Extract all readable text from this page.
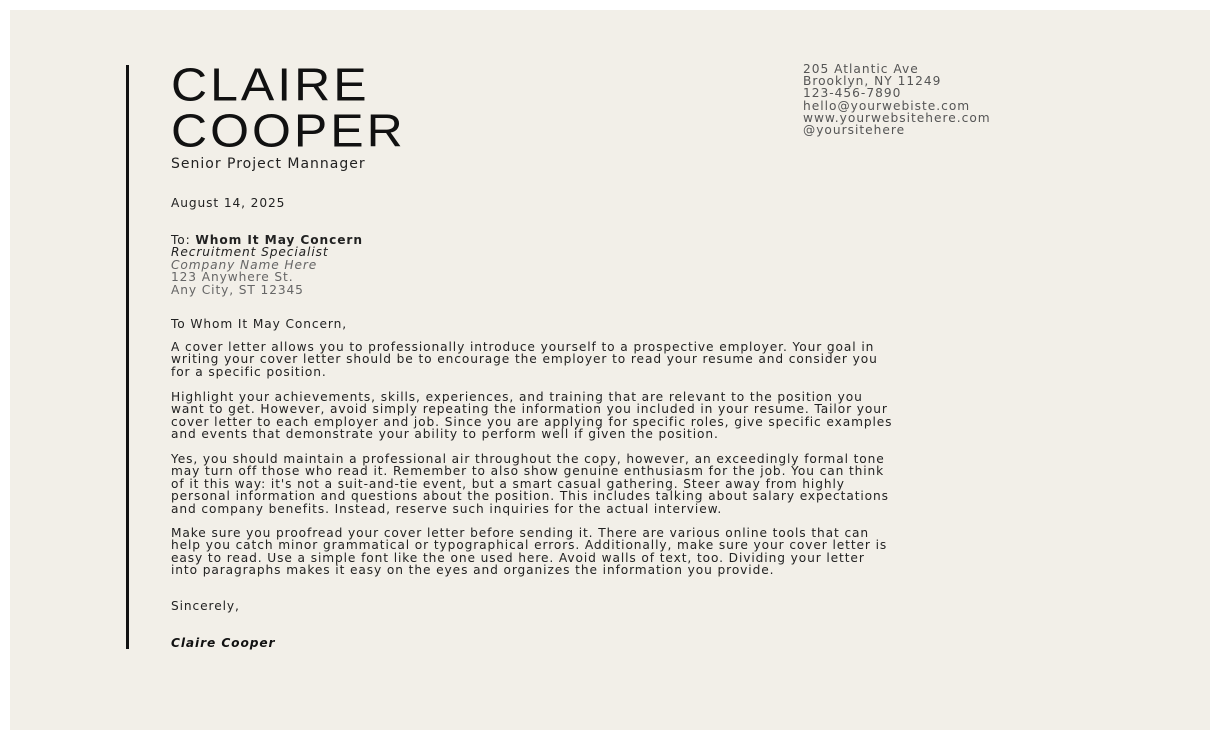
CLAIRE
COOPER
Senior Project Mannager
205 Atlantic Ave
Brooklyn, NY 11249
123-456-7890
hello@yourwebiste.com
www.yourwebsitehere.com
@yoursitehere
August 14, 2025
To: Whom It May Concern
Recruitment Specialist
Company Name Here
123 Anywhere St.
Any City, ST 12345
To Whom It May Concern,
A cover letter allows you to professionally introduce yourself to a prospective employer. Your goal in
writing your cover letter should be to encourage the employer to read your resume and consider you
for a specific position.
Highlight your achievements, skills, experiences, and training that are relevant to the position you
want to get. However, avoid simply repeating the information you included in your resume. Tailor your
cover letter to each employer and job. Since you are applying for specific roles, give specific examples
and events that demonstrate your ability to perform well if given the position.
Yes, you should maintain a professional air throughout the copy, however, an exceedingly formal tone
may turn off those who read it. Remember to also show genuine enthusiasm for the job. You can think
of it this way: it's not a suit-and-tie event, but a smart casual gathering. Steer away from highly
personal information and questions about the position. This includes talking about salary expectations
and company benefits. Instead, reserve such inquiries for the actual interview.
Make sure you proofread your cover letter before sending it. There are various online tools that can
help you catch minor grammatical or typographical errors. Additionally, make sure your cover letter is
easy to read. Use a simple font like the one used here. Avoid walls of text, too. Dividing your letter
into paragraphs makes it easy on the eyes and organizes the information you provide.
Sincerely,
Claire Cooper
